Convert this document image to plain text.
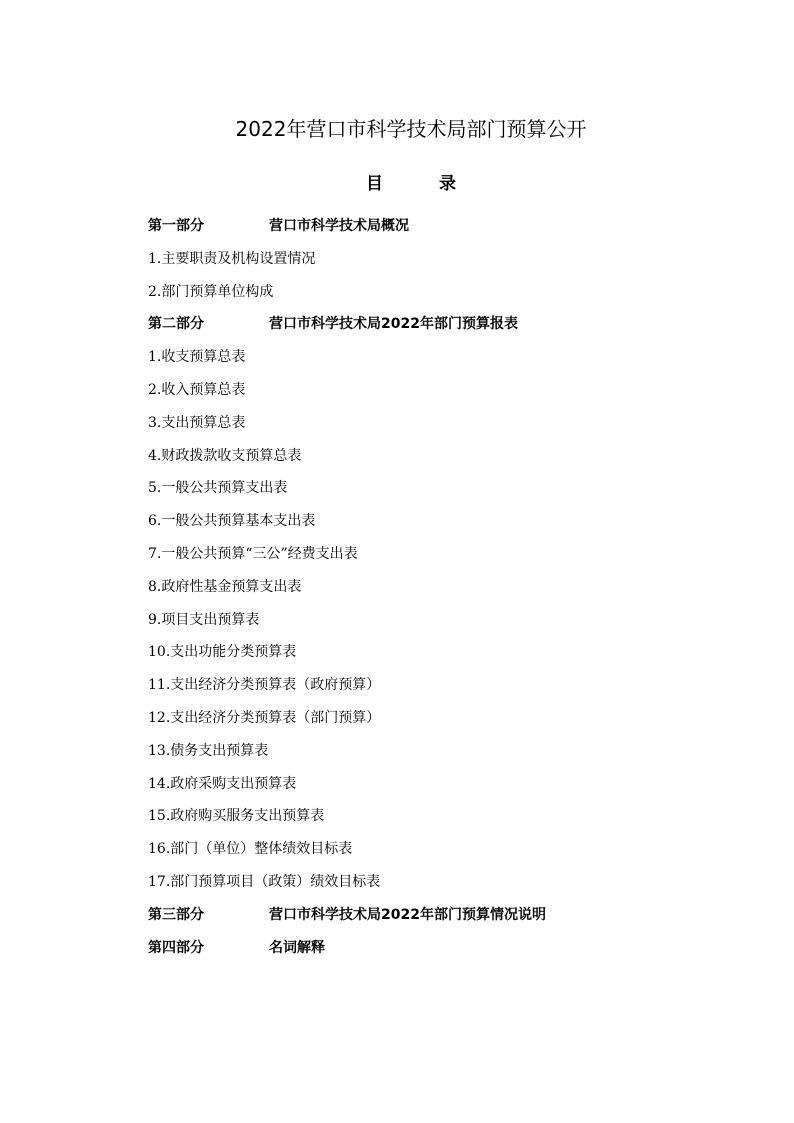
2022年营口市科学技术局部门预算公开
目	录
第一部分	营口市科学技术局概况
1.主要职责及机构设置情况
2.部门预算单位构成
第二部分	营口市科学技术局2022年部门预算报表
1.收支预算总表
2.收入预算总表
3.支出预算总表
4.财政拨款收支预算总表
5.一般公共预算支出表
6.一般公共预算基本支出表
7.一般公共预算“三公”经费支出表
8.政府性基金预算支出表
9.项目支出预算表
10.支出功能分类预算表
11.支出经济分类预算表（政府预算）
12.支出经济分类预算表（部门预算）
13.债务支出预算表
14.政府采购支出预算表
15.政府购买服务支出预算表
16.部门（单位）整体绩效目标表
17.部门预算项目（政策）绩效目标表
第三部分	营口市科学技术局2022年部门预算情况说明
第四部分	名词解释
